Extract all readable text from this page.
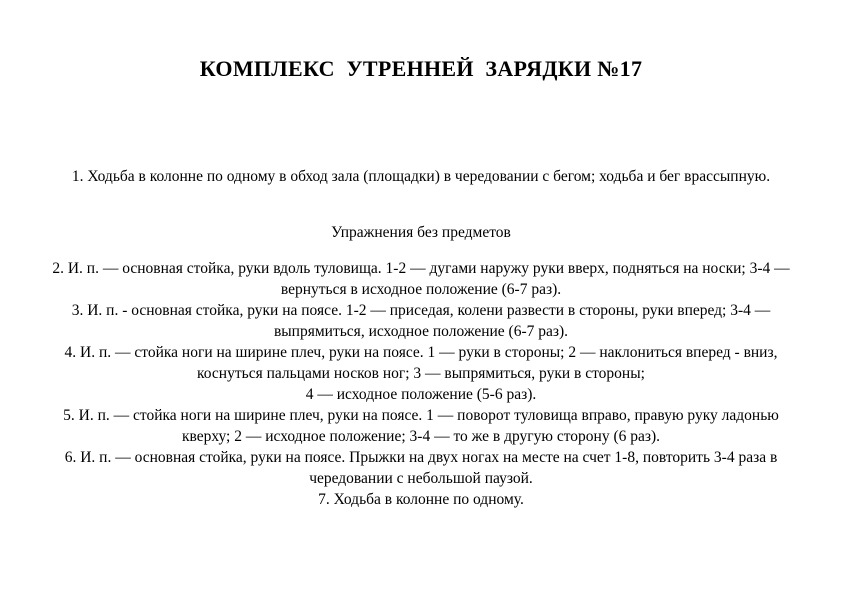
КОМПЛЕКС  УТРЕННЕЙ  ЗАРЯДКИ №17

1. Ходьба в колонне по одному в обход зала (площадки) в чередовании с бегом; ходьба и бег врассыпную.

Упражнения без предметов

2. И. п. — основная стойка, руки вдоль туловища. 1-2 — дугами наружу руки вверх, подняться на носки; 3-4 — вернуться в исходное положение (6-7 раз).

3. И. п. - основная стойка, руки на поясе. 1-2 — приседая, колени развести в стороны, руки вперед; 3-4 — выпрямиться, исходное положение (6-7 раз).

4. И. п. — стойка ноги на ширине плеч, руки на поясе. 1 — руки в стороны; 2 — наклониться вперед - вниз, коснуться пальцами носков ног; 3 — выпрямиться, руки в стороны;

4 — исходное положение (5-6 раз).

5. И. п. — стойка ноги на ширине плеч, руки на поясе. 1 — поворот туловища вправо, правую руку ладонью кверху; 2 — исходное положение; 3-4 — то же в другую сторону (6 раз).

6. И. п. — основная стойка, руки на поясе. Прыжки на двух ногах на месте на счет 1-8, повторить 3-4 раза в чередовании с небольшой паузой.

7. Ходьба в колонне по одному.
